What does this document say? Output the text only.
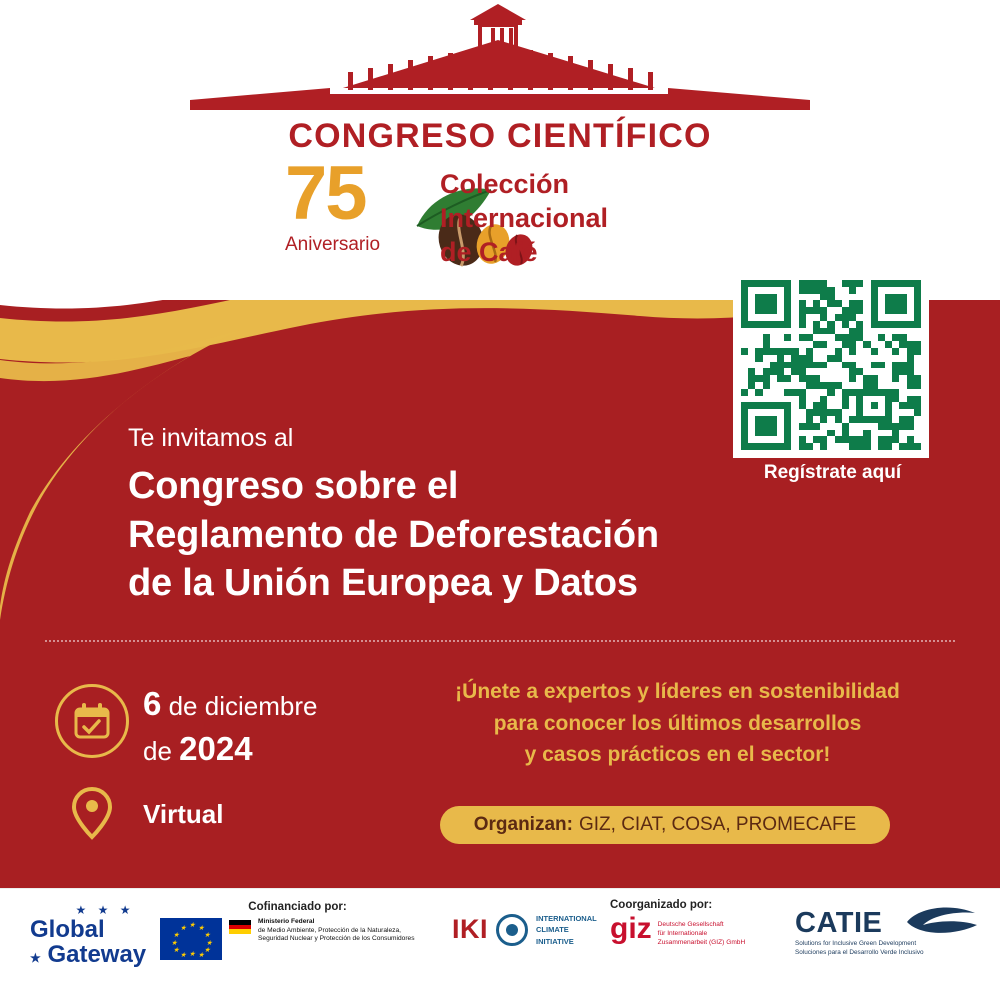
CONGRESO CIENTÍFICO
75
Aniversario
Colección
Internacional
de Café
Regístrate aquí
Te invitamos al
Congreso sobre el
Reglamento de Deforestación
de la Unión Europea y Datos
6 de diciembre
de 2024
Virtual
¡Únete a expertos y líderes en sostenibilidad
para conocer los últimos desarrollos
y casos prácticos en el sector!
Organizan: GIZ, CIAT, COSA, PROMECAFE
★ ★ ★
Global
★ Gateway
Cofinanciado por:
★ ★
★
★
★
★
★
★
★
★
★
★
Ministerio Federal
de Medio Ambiente, Protección de la Naturaleza,
Seguridad Nuclear y Protección de los Consumidores IKI	INTERNATIONAL
CLIMATE
INITIATIVE
Coorganizado por:
giz Deutsche Gesellschaft
für Internationale
Zusammenarbeit (GIZ) GmbH
CATIE
Solutions for Inclusive Green Development
Soluciones para el Desarrollo Verde Inclusivo
